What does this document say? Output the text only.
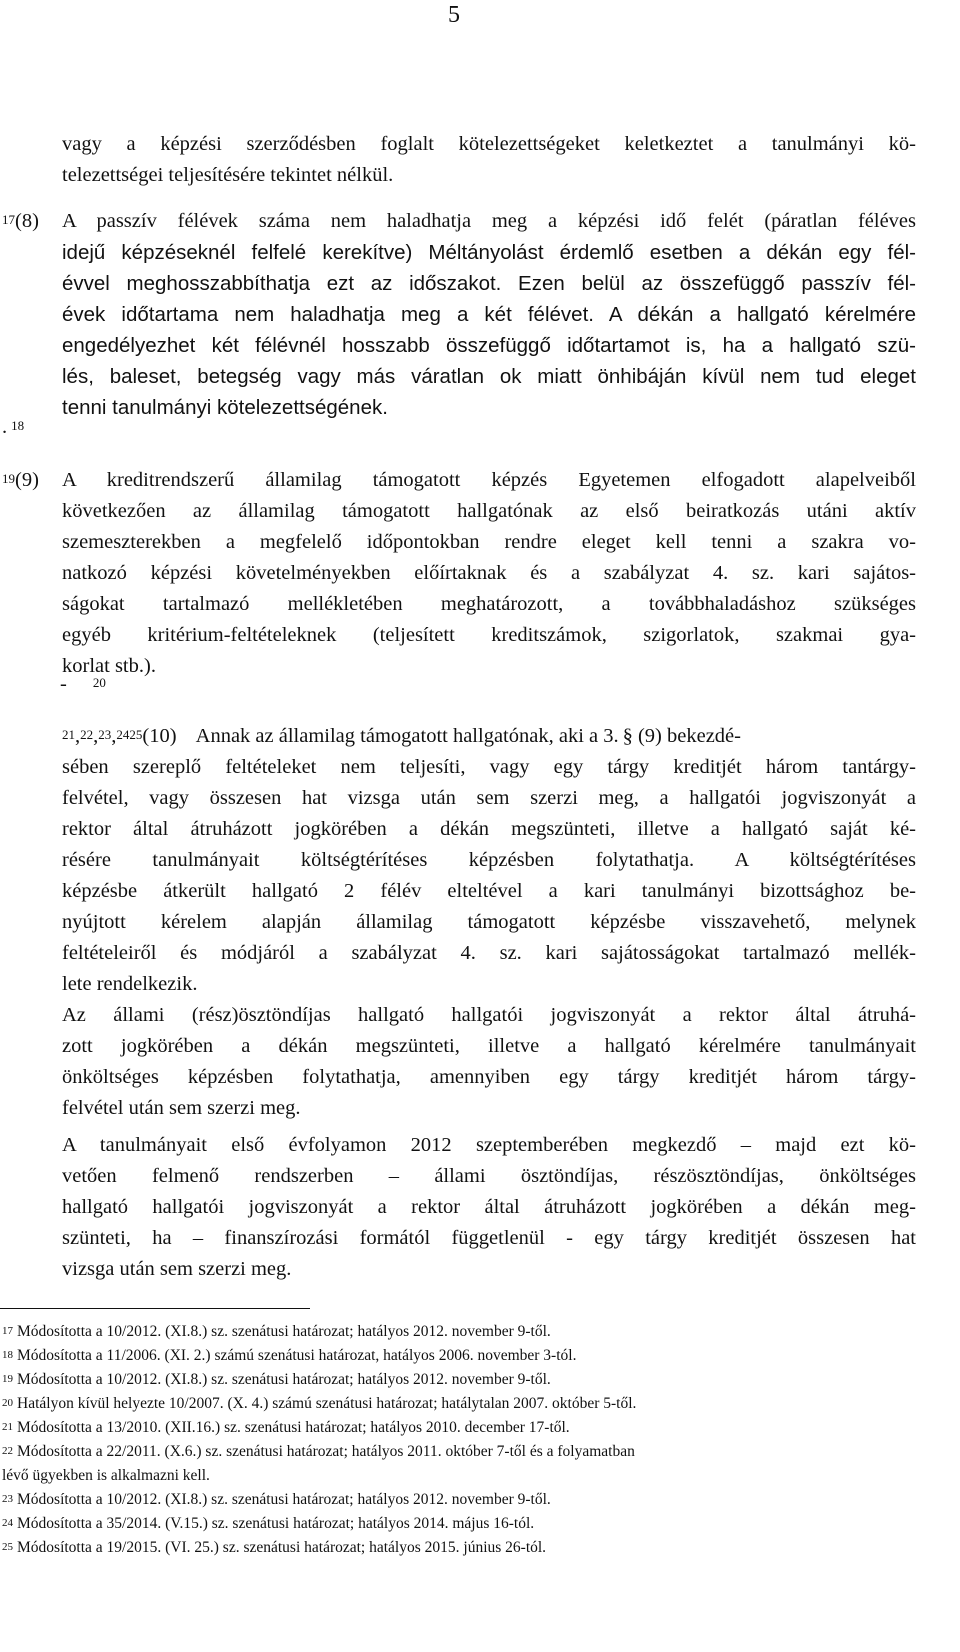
5
vagy a képzési szerződésben foglalt kötelezettségeket keletkeztet a tanulmányi kö-
telezettségei teljesítésére tekintet nélkül.
$^{17}$(8) A passzív félévek száma nem haladhatja meg a képzési idő felét (páratlan féléves
idejű képzéseknél felfelé kerekítve) Méltányolást érdemlő esetben a dékán egy fél-
évvel meghosszabbíthatja ezt az időszakot. Ezen belül az összefüggő passzív fél-
évek időtartama nem haladhatja meg a két félévet. A dékán a hallgató kérelmére
engedélyezhet két félévnél hosszabb összefüggő időtartamot is, ha a hallgató szü-
lés, baleset, betegség vagy más váratlan ok miatt önhibáján kívül nem tud eleget
tenni tanulmányi kötelezettségének.
. $^{18}$
$^{19}$(9) A kreditrendszerű államilag támogatott képzés Egyetemen elfogadott alapelveiből
következően az államilag támogatott hallgatónak az első beiratkozás utáni aktív
szemeszterekben a megfelelő időpontokban rendre eleget kell tenni a szakra vo-
natkozó képzési követelményekben előírtaknak és a szabályzat 4. sz. kari sajátos-
ságokat tartalmazó mellékletében meghatározott, a továbbhaladáshoz szükséges
egyéb kritérium-feltételeknek (teljesített kreditszámok, szigorlatok, szakmai gya-
korlat stb.).
- $^{20}$
$^{21}$,$^{22}$,$^{23}$,$^{2425}$(10) Annak az államilag támogatott hallgatónak, aki a 3. § (9) bekezdé-
sében szereplő feltételeket nem teljesíti, vagy egy tárgy kreditjét három tantárgy-
felvétel, vagy összesen hat vizsga után sem szerzi meg, a hallgatói jogviszonyát a
rektor által átruházott jogkörében a dékán megszünteti, illetve a hallgató saját ké-
résére tanulmányait költségtérítéses képzésben folytathatja. A költségtérítéses
képzésbe átkerült hallgató 2 félév elteltével a kari tanulmányi bizottsághoz be-
nyújtott kérelem alapján államilag támogatott képzésbe visszavehető, melynek
feltételeiről és módjáról a szabályzat 4. sz. kari sajátosságokat tartalmazó mellék-
lete rendelkezik.
Az állami (rész)ösztöndíjas hallgató hallgatói jogviszonyát a rektor által átruhá-
zott jogkörében a dékán megszünteti, illetve a hallgató kérelmére tanulmányait
önköltséges képzésben folytathatja, amennyiben egy tárgy kreditjét három tárgy-
felvétel után sem szerzi meg.
A tanulmányait első évfolyamon 2012 szeptemberében megkezdő – majd ezt kö-
vetően felmenő rendszerben – állami ösztöndíjas, részösztöndíjas, önköltséges
hallgató hallgatói jogviszonyát a rektor által átruházott jogkörében a dékán meg-
szünteti, ha – finanszírozási formától függetlenül - egy tárgy kreditjét összesen hat
vizsga után sem szerzi meg.
$^{17}$ Módosította a 10/2012. (XI.8.) sz. szenátusi határozat; hatályos 2012. november 9-től.
$^{18}$ Módosította a 11/2006. (XI. 2.) számú szenátusi határozat, hatályos 2006. november 3-tól.
$^{19}$ Módosította a 10/2012. (XI.8.) sz. szenátusi határozat; hatályos 2012. november 9-től.
$^{20}$ Hatályon kívül helyezte 10/2007. (X. 4.) számú szenátusi határozat; hatálytalan 2007. október 5-től.
$^{21}$ Módosította a 13/2010. (XII.16.) sz. szenátusi határozat; hatályos 2010. december 17-től.
$^{22}$ Módosította a 22/2011. (X.6.) sz. szenátusi határozat; hatályos 2011. október 7-től és a folyamatban
lévő ügyekben is alkalmazni kell.
$^{23}$ Módosította a 10/2012. (XI.8.) sz. szenátusi határozat; hatályos 2012. november 9-től.
$^{24}$ Módosította a 35/2014. (V.15.) sz. szenátusi határozat; hatályos 2014. május 16-tól.
$^{25}$ Módosította a 19/2015. (VI. 25.) sz. szenátusi határozat; hatályos 2015. június 26-tól.
